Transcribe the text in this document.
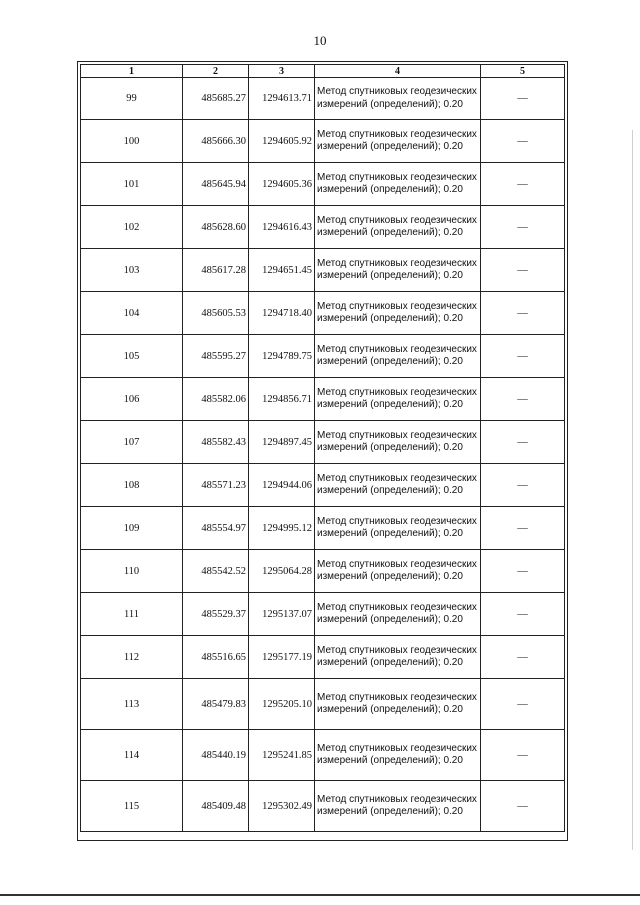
10
1	2	3	4	5
99	485685.27	1294613.71	Метод спутниковых геодезических измерений (определений); 0.20	—
100	485666.30	1294605.92	Метод спутниковых геодезических измерений (определений); 0.20	—
101	485645.94	1294605.36	Метод спутниковых геодезических измерений (определений); 0.20	—
102	485628.60	1294616.43	Метод спутниковых геодезических измерений (определений); 0.20	—
103	485617.28	1294651.45	Метод спутниковых геодезических измерений (определений); 0.20	—
104	485605.53	1294718.40	Метод спутниковых геодезических измерений (определений); 0.20	—
105	485595.27	1294789.75	Метод спутниковых геодезических измерений (определений); 0.20	—
106	485582.06	1294856.71	Метод спутниковых геодезических измерений (определений); 0.20	—
107	485582.43	1294897.45	Метод спутниковых геодезических измерений (определений); 0.20	—
108	485571.23	1294944.06	Метод спутниковых геодезических измерений (определений); 0.20	—
109	485554.97	1294995.12	Метод спутниковых геодезических измерений (определений); 0.20	—
110	485542.52	1295064.28	Метод спутниковых геодезических измерений (определений); 0.20	—
111	485529.37	1295137.07	Метод спутниковых геодезических измерений (определений); 0.20	—
112	485516.65	1295177.19	Метод спутниковых геодезических измерений (определений); 0.20	—
113	485479.83	1295205.10	Метод спутниковых геодезических измерений (определений); 0.20	—
114	485440.19	1295241.85	Метод спутниковых геодезических измерений (определений); 0.20	—
115	485409.48	1295302.49	Метод спутниковых геодезических измерений (определений); 0.20	—
